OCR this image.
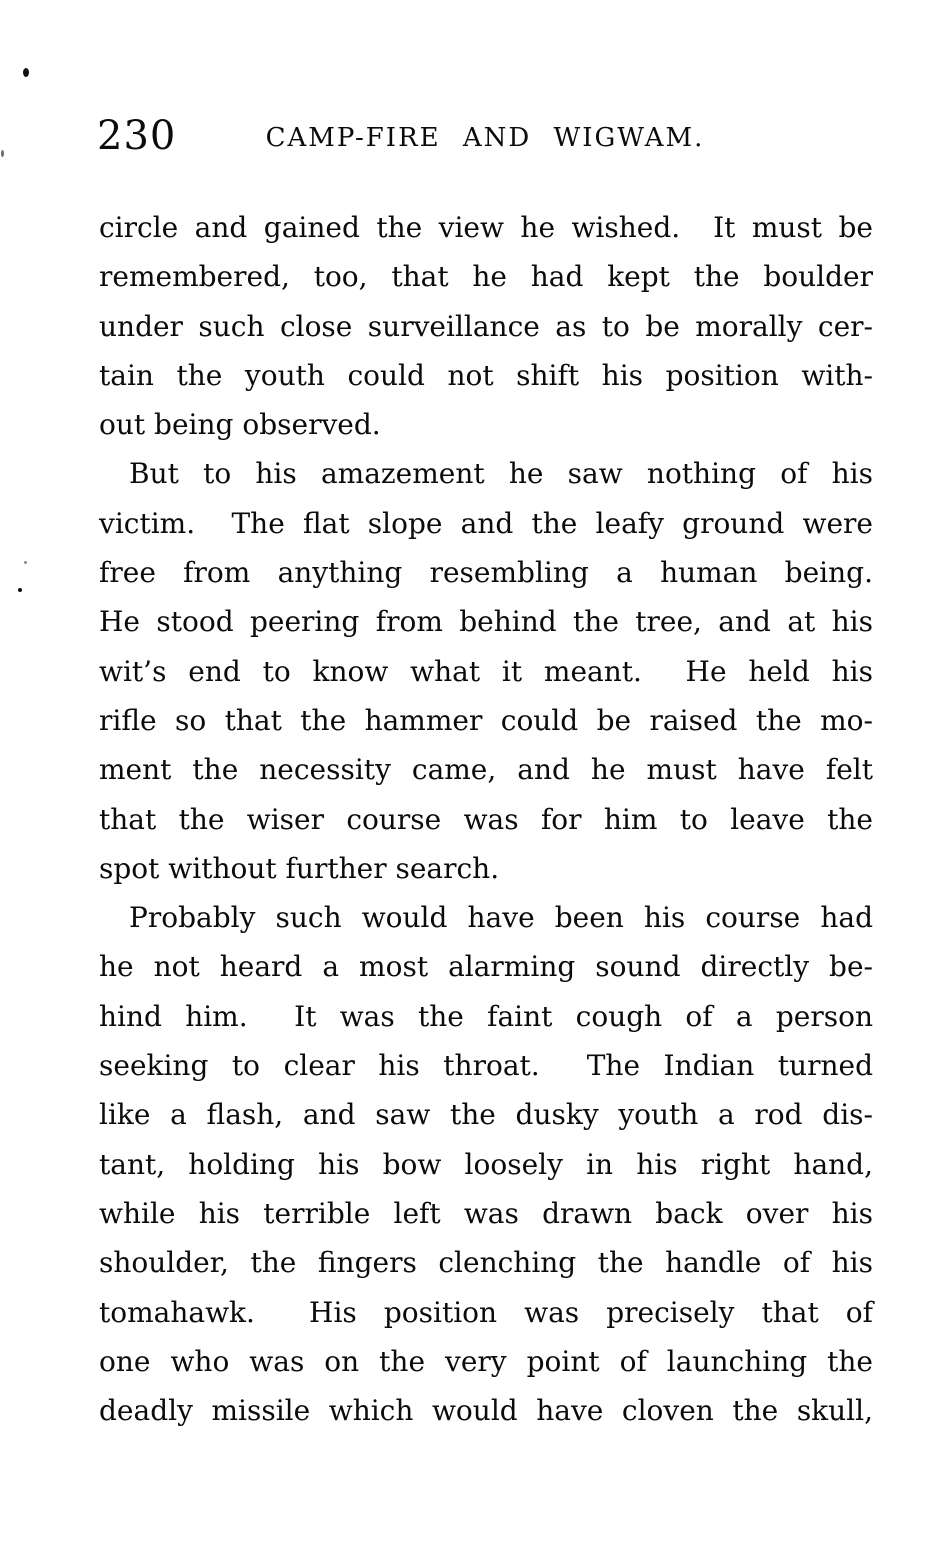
230	CAMP-FIRE AND WIGWAM.
circle and gained the view he wished.  It must be
remembered, too, that he had kept the boulder
under such close surveillance as to be morally cer-
tain the youth could not shift his position with-
out being observed.
But to his amazement he saw nothing of his
victim.  The flat slope and the leafy ground were
free from anything resembling a human being.
He stood peering from behind the tree, and at his
wit’s end to know what it meant.  He held his
rifle so that the hammer could be raised the mo-
ment the necessity came, and he must have felt
that the wiser course was for him to leave the
spot without further search.
Probably such would have been his course had
he not heard a most alarming sound directly be-
hind him.  It was the faint cough of a person
seeking to clear his throat.  The Indian turned
like a flash, and saw the dusky youth a rod dis-
tant, holding his bow loosely in his right hand,
while his terrible left was drawn back over his
shoulder, the fingers clenching the handle of his
tomahawk.  His position was precisely that of
one who was on the very point of launching the
deadly missile which would have cloven the skull,
